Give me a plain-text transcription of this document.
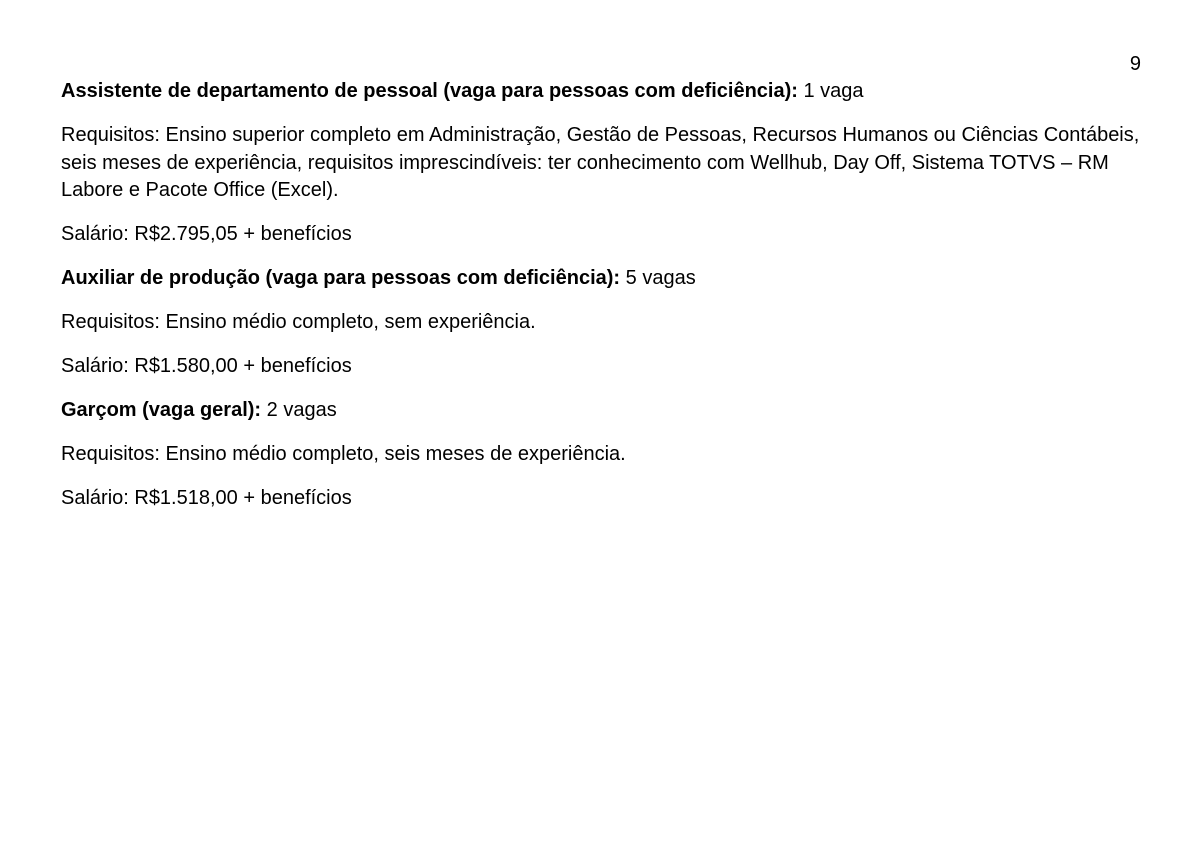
9

Assistente de departamento de pessoal (vaga para pessoas com deficiência): 1 vaga

Requisitos: Ensino superior completo em Administração, Gestão de Pessoas, Recursos Humanos ou Ciências Contábeis, seis meses de experiência, requisitos imprescindíveis: ter conhecimento com Wellhub, Day Off, Sistema TOTVS – RM Labore e Pacote Office (Excel).

Salário: R$2.795,05 + benefícios

Auxiliar de produção (vaga para pessoas com deficiência): 5 vagas

Requisitos: Ensino médio completo, sem experiência.

Salário: R$1.580,00 + benefícios

Garçom (vaga geral): 2 vagas

Requisitos: Ensino médio completo, seis meses de experiência.

Salário: R$1.518,00 + benefícios
